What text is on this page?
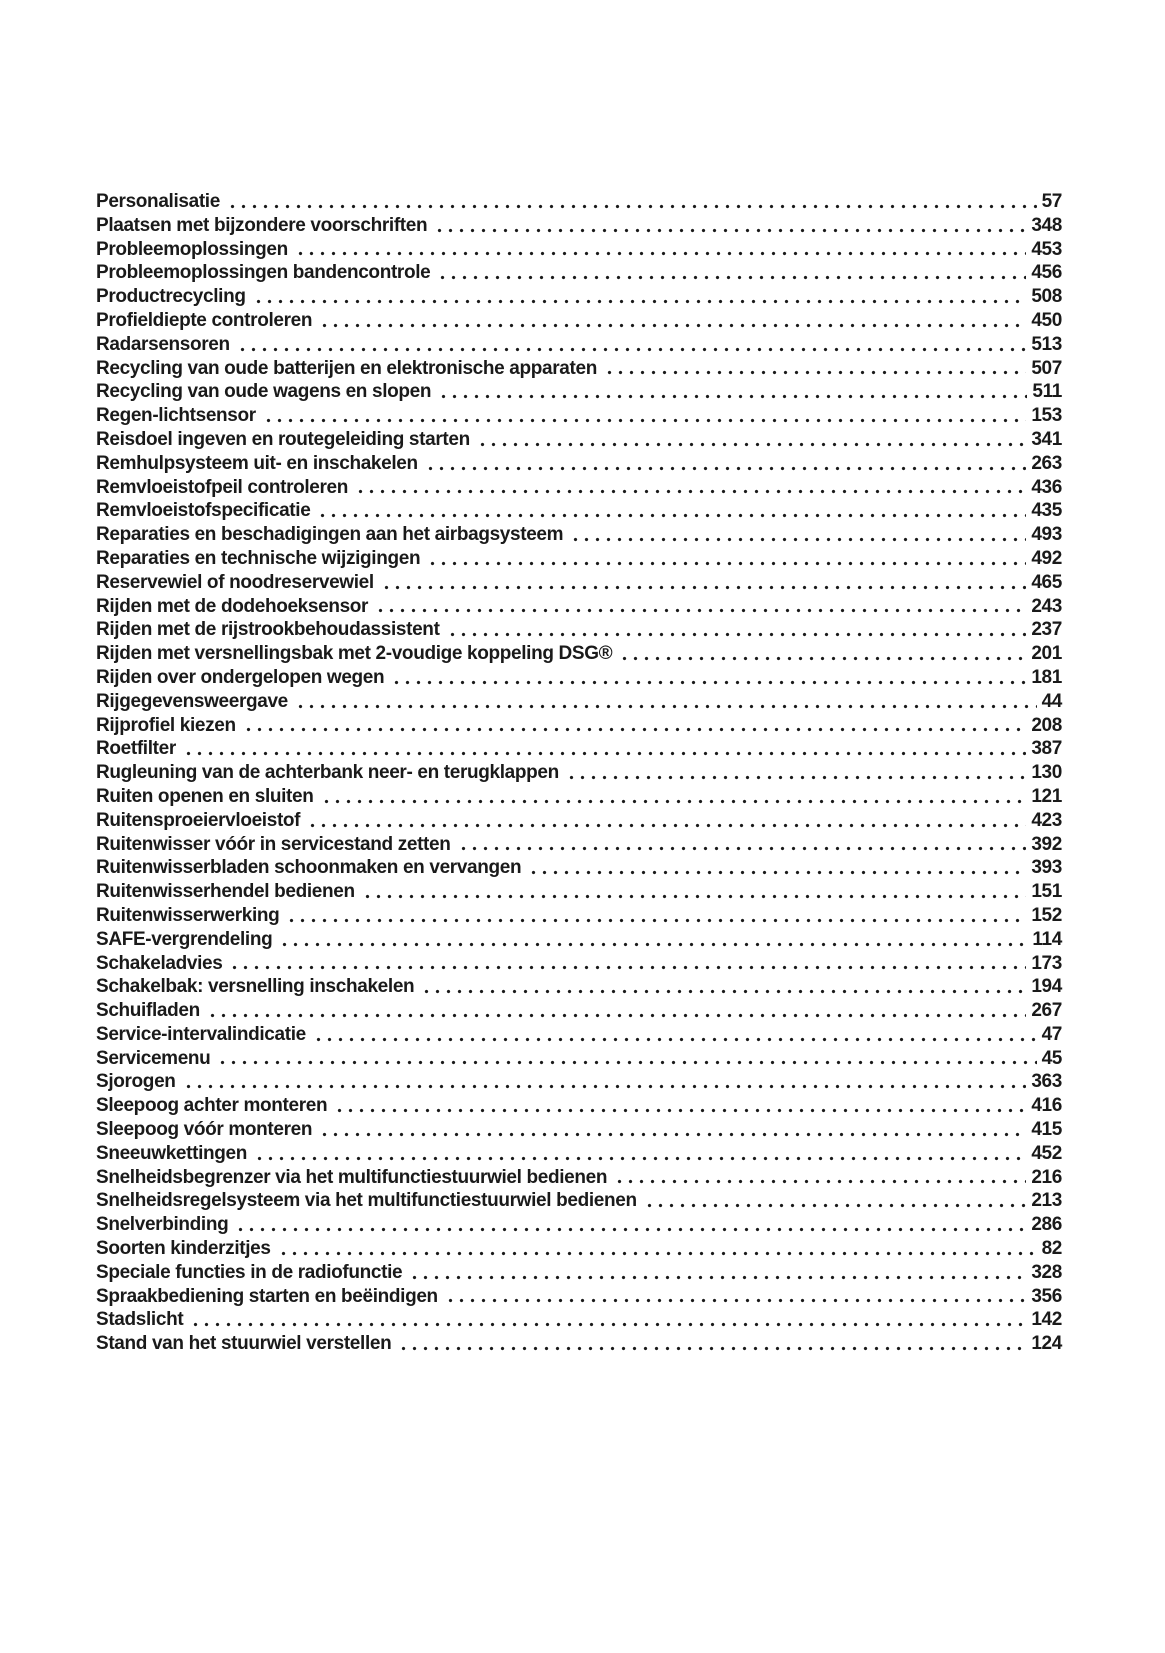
Personalisatie	57
Plaatsen met bijzondere voorschriften	348
Probleemoplossingen	453
Probleemoplossingen bandencontrole	456
Productrecycling	508
Profieldiepte controleren	450
Radarsensoren	513
Recycling van oude batterijen en elektronische apparaten	507
Recycling van oude wagens en slopen	511
Regen-lichtsensor	153
Reisdoel ingeven en routegeleiding starten	341
Remhulpsysteem uit- en inschakelen	263
Remvloeistofpeil controleren	436
Remvloeistofspecificatie	435
Reparaties en beschadigingen aan het airbagsysteem	493
Reparaties en technische wijzigingen	492
Reservewiel of noodreservewiel	465
Rijden met de dodehoeksensor	243
Rijden met de rijstrookbehoudassistent	237
Rijden met versnellingsbak met 2-voudige koppeling DSG®	201
Rijden over ondergelopen wegen	181
Rijgegevensweergave	44
Rijprofiel kiezen	208
Roetfilter	387
Rugleuning van de achterbank neer- en terugklappen	130
Ruiten openen en sluiten	121
Ruitensproeiervloeistof	423
Ruitenwisser vóór in servicestand zetten	392
Ruitenwisserbladen schoonmaken en vervangen	393
Ruitenwisserhendel bedienen	151
Ruitenwisserwerking	152
SAFE-vergrendeling	114
Schakeladvies	173
Schakelbak: versnelling inschakelen	194
Schuifladen	267
Service-intervalindicatie	47
Servicemenu	45
Sjorogen	363
Sleepoog achter monteren	416
Sleepoog vóór monteren	415
Sneeuwkettingen	452
Snelheidsbegrenzer via het multifunctiestuurwiel bedienen	216
Snelheidsregelsysteem via het multifunctiestuurwiel bedienen	213
Snelverbinding	286
Soorten kinderzitjes	82
Speciale functies in de radiofunctie	328
Spraakbediening starten en beëindigen	356
Stadslicht	142
Stand van het stuurwiel verstellen	124
